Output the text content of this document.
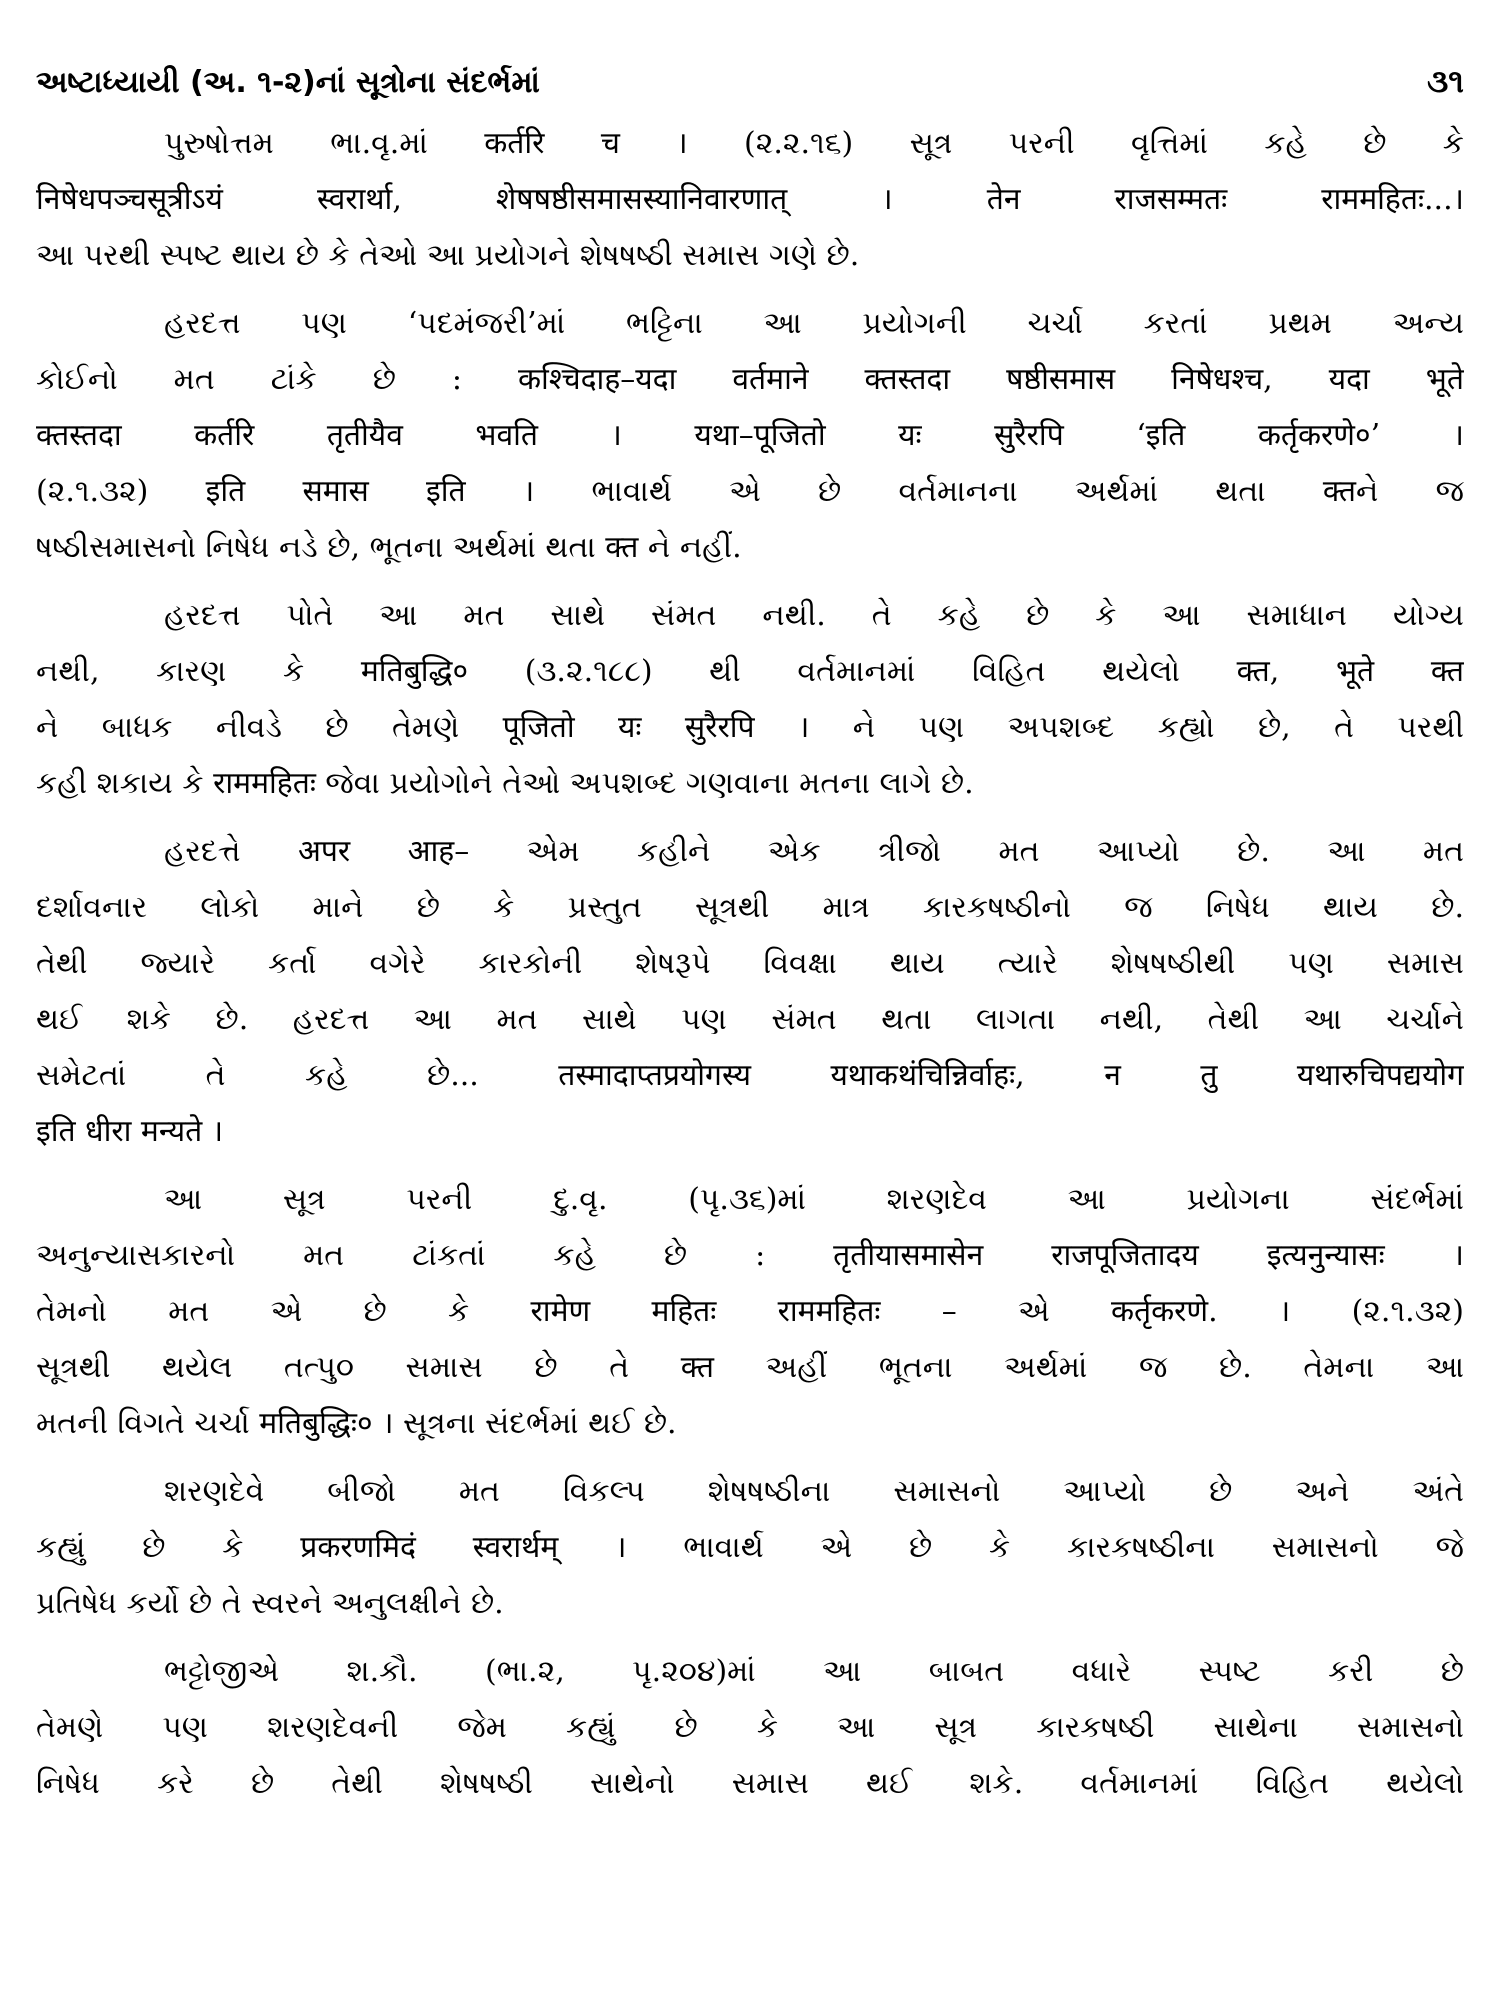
અષ્ટાધ્યાયી (અ. ૧-૨)નાં સૂત્રોના સંદર્ભમાં	૩૧
પુરુષોત્તમ ભા.વૃ.માં कर्तरि च । (૨.૨.૧૬) સૂત્ર પરની વૃત્તિમાં કહે છે કે
निषेधपञ्चसूत्रीऽयं स्वरार्था, शेषषष्ठीसमासस्यानिवारणात् । तेन राजसम्मतः राममहितः...।
આ પરથી સ્પષ્ટ થાય છે કે તેઓ આ પ્રયોગને શેષષષ્ઠી સમાસ ગણે છે.
હરદત્ત પણ ‘પદમંજરી’માં ભટ્ટિના આ પ્રયોગની ચર્ચા કરતાં પ્રથમ અન્ય
કોઈનો મત ટાંકે છે : कश्चिदाह–यदा वर्तमाने क्तस्तदा षष्ठीसमास निषेधश्च, यदा भूते
क्तस्तदा कर्तरि तृतीयैव भवति । यथा–पूजितो यः सुरैरपि ‘इति कर्तृकरणे०’ ।
(૨.૧.૩૨) इति समास इति । ભાવાર્થ એ છે વર્તમાનના અર્થમાં થતા क्तને જ
ષષ્ઠીસમાસનો નિષેધ નડે છે, ભૂતના અર્થમાં થતા क्त ને નહીં.
હરદત્ત પોતે આ મત સાથે સંમત નથી. તે કહે છે કે આ સમાધાન યોગ્ય
નથી, કારણ કે मतिबुद्धि० (૩.૨.૧૮૮) થી વર્તમાનમાં વિહિત થયેલો क्त, भूते क्त
ને બાધક નીવડે છે તેમણે पूजितो यः सुरैरपि । ને પણ અપશબ્દ કહ્યો છે, તે પરથી
કહી શકાય કે राममहितः જેવા પ્રયોગોને તેઓ અપશબ્દ ગણવાના મતના લાગે છે.
હરદત્તે अपर आह– એમ કહીને એક ત્રીજો મત આપ્યો છે. આ મત
દર્શાવનાર લોકો માને છે કે પ્રસ્તુત સૂત્રથી માત્ર કારકષષ્ઠીનો જ નિષેધ થાય છે.
તેથી જ્યારે કર્તા વગેરે કારકોની શેષરૂપે વિવક્ષા થાય ત્યારે શેષષષ્ઠીથી પણ સમાસ
થઈ શકે છે. હરદત્ત આ મત સાથે પણ સંમત થતા લાગતા નથી, તેથી આ ચર્ચાને
સમેટતાં તે કહે છે... तस्मादाप्तप्रयोगस्य यथाकथंचिन्निर्वाहः, न तु यथारुचिपद्ययोग
इति धीरा मन्यते ।
આ સૂત્ર પરની દુ.વૃ. (પૃ.૩૬)માં શરણદેવ આ પ્રયોગના સંદર્ભમાં
અનુન્યાસકારનો મત ટાંકતાં કહે છે : तृतीयासमासेन राजपूजितादय इत्यनुन्यासः ।
તેમનો મત એ છે કે रामेण महितः राममहितः – એ कर्तृकरणे. । (૨.૧.૩૨)
સૂત્રથી થયેલ તત્પુ૦ સમાસ છે તે क्त અહીં ભૂતના અર્થમાં જ છે. તેમના આ
મતની વિગતે ચર્ચા मतिबुद्धिः० । સૂત્રના સંદર્ભમાં થઈ છે.
શરણદેવે બીજો મત વિકલ્પ શેષષષ્ઠીના સમાસનો આપ્યો છે અને અંતે
કહ્યું છે કે प्रकरणमिदं स्वरार्थम् । ભાવાર્થ એ છે કે કારકષષ્ઠીના સમાસનો જે
પ્રતિષેધ કર્યો છે તે સ્વરને અનુલક્ષીને છે.
ભટ્ટોજીએ શ.કૌ. (ભા.૨, પૃ.૨૦૪)માં આ બાબત વધારે સ્પષ્ટ કરી છે
તેમણે પણ શરણદેવની જેમ કહ્યું છે કે આ સૂત્ર કારકષષ્ઠી સાથેના સમાસનો
નિષેધ કરે છે તેથી શેષષષ્ઠી સાથેનો સમાસ થઈ શકે. વર્તમાનમાં વિહિત થયેલો
